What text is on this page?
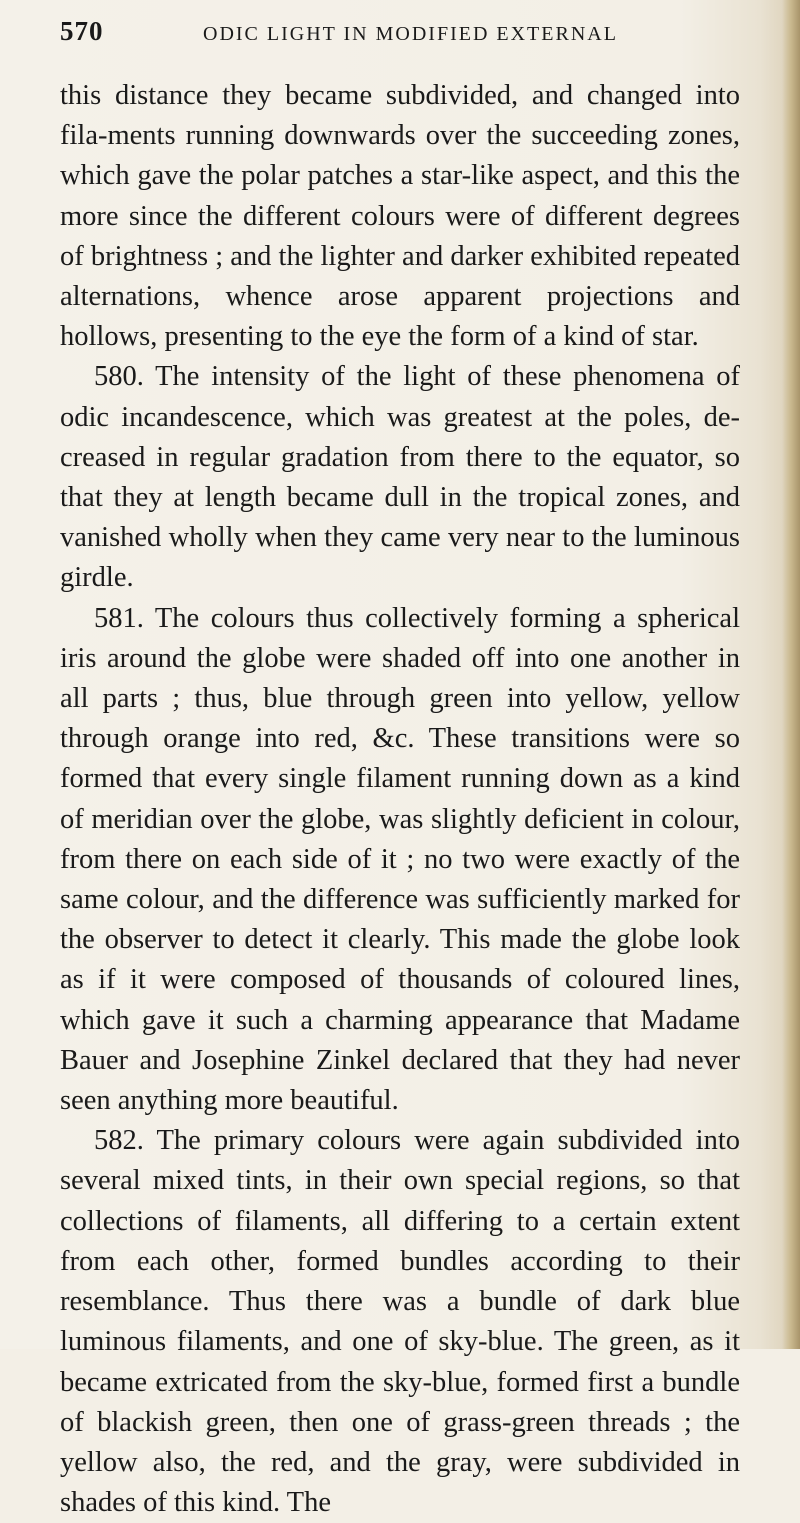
570	ODIC LIGHT IN MODIFIED EXTERNAL

this distance they became subdivided, and changed into fila-ments running downwards over the succeeding zones, which gave the polar patches a star-like aspect, and this the more since the different colours were of different degrees of brightness ; and the lighter and darker exhibited repeated alternations, whence arose apparent projections and hollows, presenting to the eye the form of a kind of star.

580. The intensity of the light of these phenomena of odic incandescence, which was greatest at the poles, de-creased in regular gradation from there to the equator, so that they at length became dull in the tropical zones, and vanished wholly when they came very near to the luminous girdle.

581. The colours thus collectively forming a spherical iris around the globe were shaded off into one another in all parts ; thus, blue through green into yellow, yellow through orange into red, &c. These transitions were so formed that every single filament running down as a kind of meridian over the globe, was slightly deficient in colour, from there on each side of it ; no two were exactly of the same colour, and the difference was sufficiently marked for the observer to detect it clearly. This made the globe look as if it were composed of thousands of coloured lines, which gave it such a charming appearance that Madame Bauer and Josephine Zinkel declared that they had never seen anything more beautiful.

582. The primary colours were again subdivided into several mixed tints, in their own special regions, so that collections of filaments, all differing to a certain extent from each other, formed bundles according to their resemblance. Thus there was a bundle of dark blue luminous filaments, and one of sky-blue. The green, as it became extricated from the sky-blue, formed first a bundle of blackish green, then one of grass-green threads ; the yellow also, the red, and the gray, were subdivided in shades of this kind. The
